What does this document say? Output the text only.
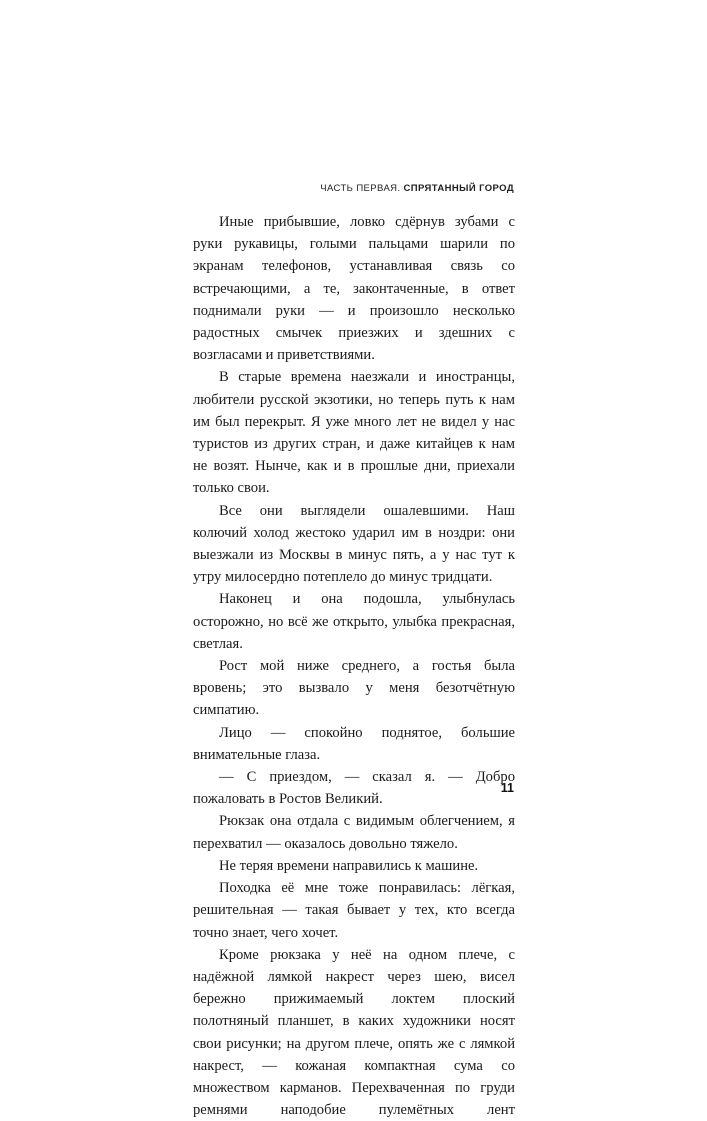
ЧАСТЬ ПЕРВАЯ. СПРЯТАННЫЙ ГОРОД

Иные прибывшие, ловко сдёрнув зубами с руки рукавицы, голыми пальцами шарили по экранам телефонов, устанавливая связь со встречающими, а те, законтаченные, в ответ поднимали руки — и произошло несколько радостных смычек приезжих и здешних с возгласами и приветствиями.

В старые времена наезжали и иностранцы, любители русской экзотики, но теперь путь к нам им был перекрыт. Я уже много лет не видел у нас туристов из других стран, и даже китайцев к нам не возят. Нынче, как и в прошлые дни, приехали только свои.

Все они выглядели ошалевшими. Наш колючий холод жестоко ударил им в ноздри: они выезжали из Москвы в минус пять, а у нас тут к утру милосердно потеплело до минус тридцати.

Наконец и она подошла, улыбнулась осторожно, но всё же открыто, улыбка прекрасная, светлая.

Рост мой ниже среднего, а гостья была вровень; это вызвало у меня безотчётную симпатию.

Лицо — спокойно поднятое, большие внимательные глаза.

— С приездом, — сказал я. — Добро пожаловать в Ростов Великий.

Рюкзак она отдала с видимым облегчением, я перехватил — оказалось довольно тяжело.

Не теряя времени направились к машине.

Походка её мне тоже понравилась: лёгкая, решительная — такая бывает у тех, кто всегда точно знает, чего хочет.

Кроме рюкзака у неё на одном плече, с надёжной лямкой накрест через шею, висел бережно прижимаемый локтем плоский полотняный планшет, в каких художники носят свои рисунки; на другом плече, опять же с лямкой накрест, — кожаная компактная сума со множеством карманов. Перехваченная по груди ремнями наподобие пулемётных лент

11
